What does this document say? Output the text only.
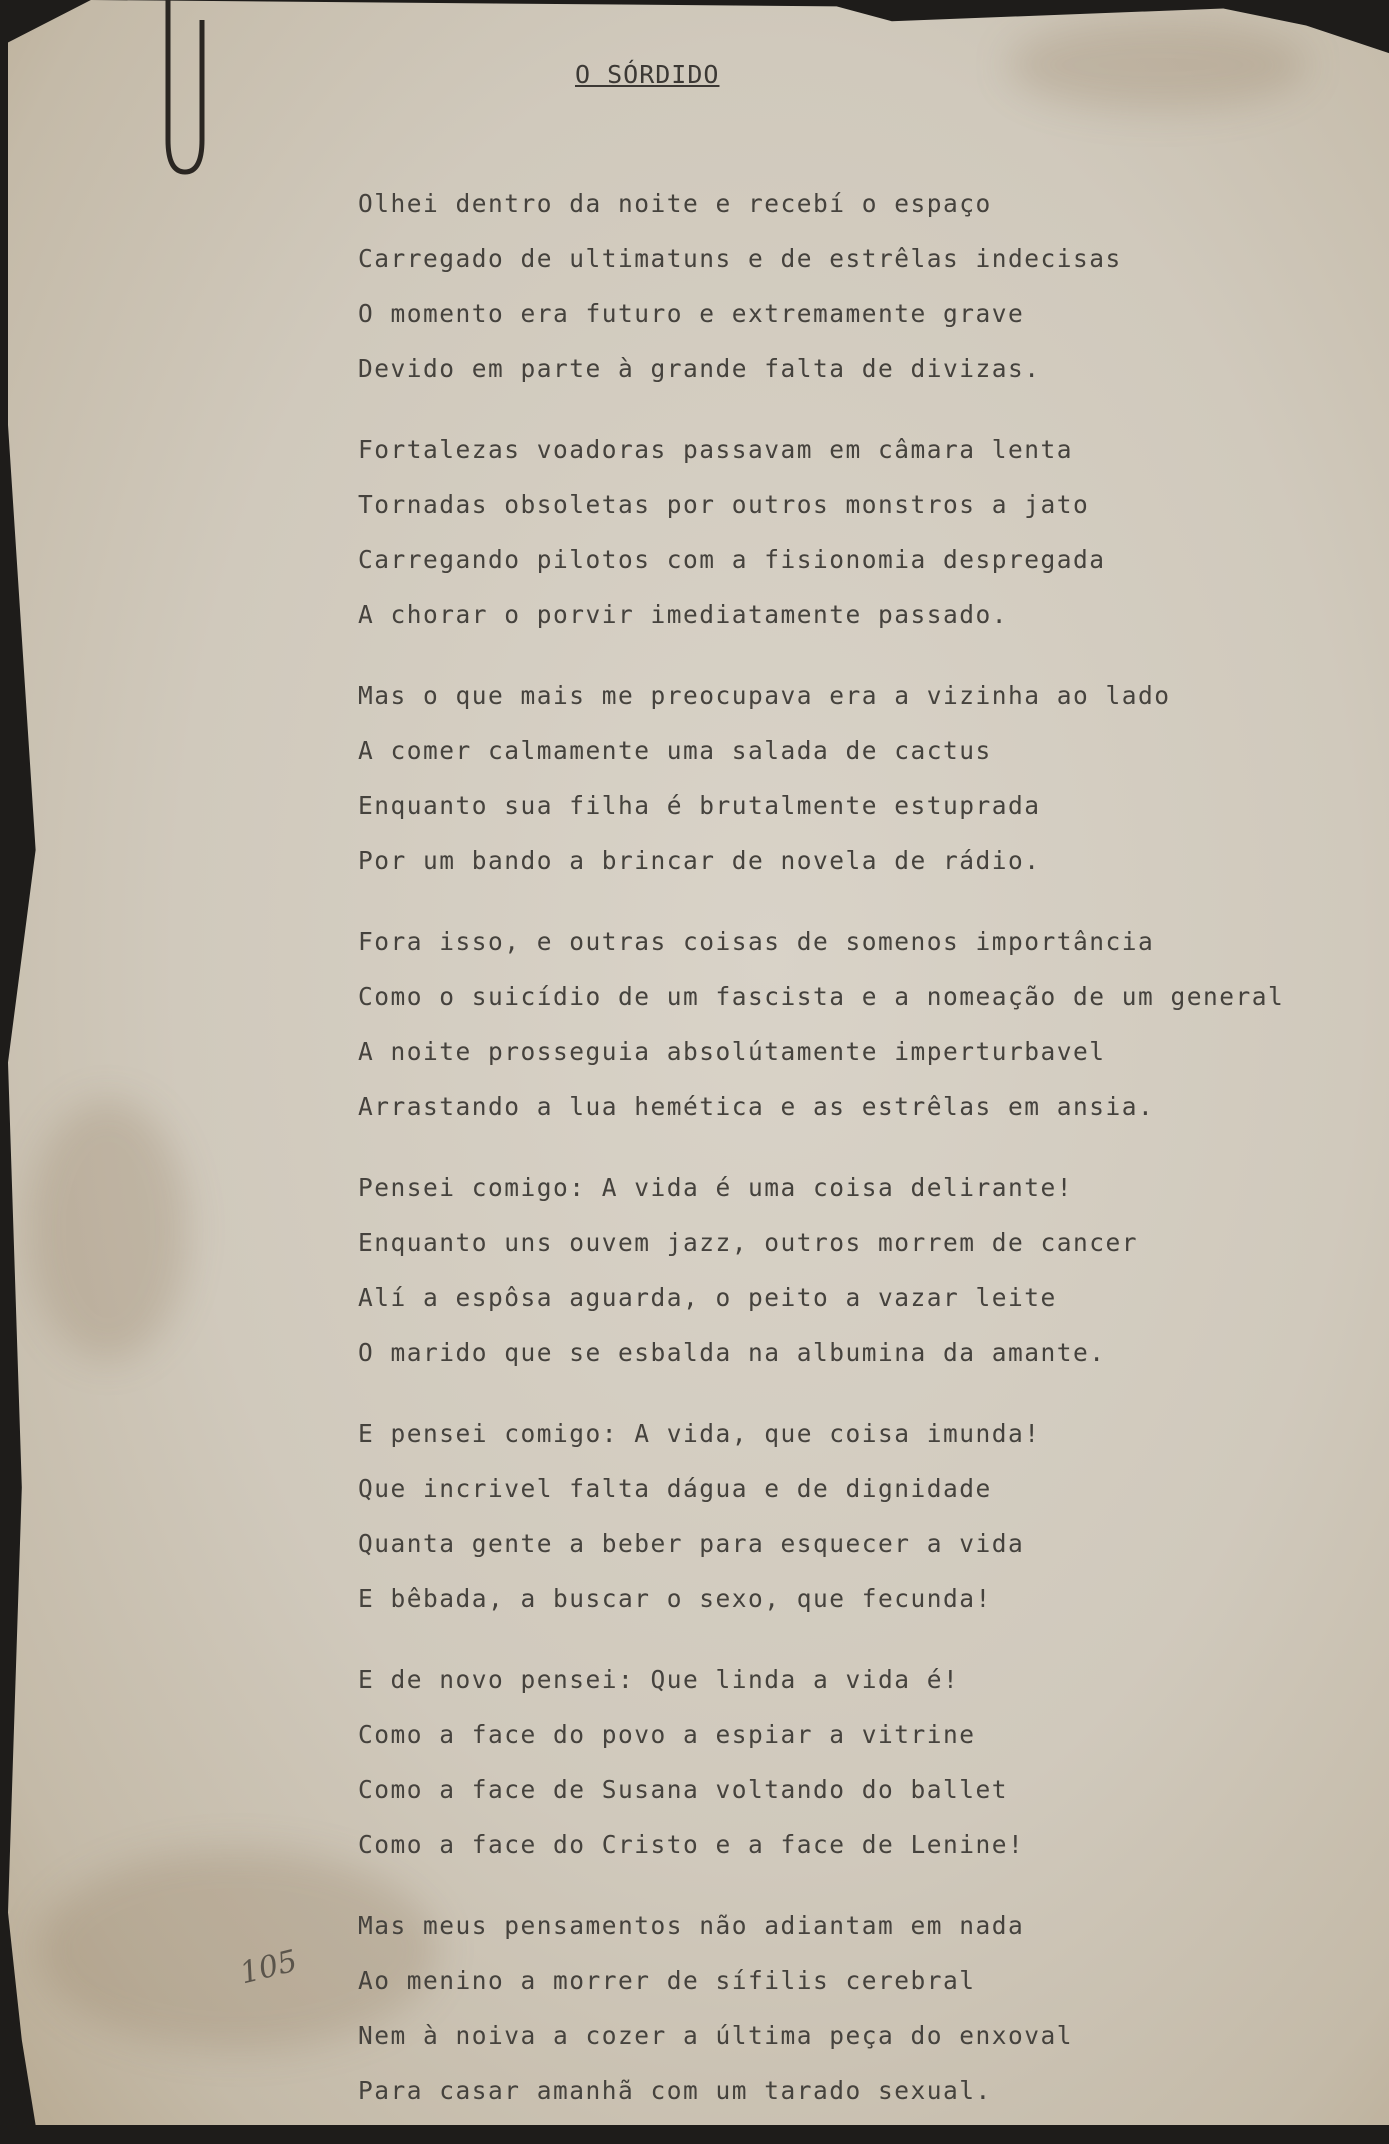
O SÓRDIDO
Olhei dentro da noite e recebí o espaço
Carregado de ultimatuns e de estrêlas indecisas
O momento era futuro e extremamente grave
Devido em parte à grande falta de divizas.
Fortalezas voadoras passavam em câmara lenta
Tornadas obsoletas por outros monstros a jato
Carregando pilotos com a fisionomia despregada
A chorar o porvir imediatamente passado.
Mas o que mais me preocupava era a vizinha ao lado
A comer calmamente uma salada de cactus
Enquanto sua filha é brutalmente estuprada
Por um bando a brincar de novela de rádio.
Fora isso, e outras coisas de somenos importância
Como o suicídio de um fascista e a nomeação de um general
A noite prosseguia absolútamente imperturbavel
Arrastando a lua hemética e as estrêlas em ansia.
Pensei comigo: A vida é uma coisa delirante!
Enquanto uns ouvem jazz, outros morrem de cancer
Alí a espôsa aguarda, o peito a vazar leite
O marido que se esbalda na albumina da amante.
E pensei comigo: A vida, que coisa imunda!
Que incrivel falta dágua e de dignidade
Quanta gente a beber para esquecer a vida
E bêbada, a buscar o sexo, que fecunda!
E de novo pensei: Que linda a vida é!
Como a face do povo a espiar a vitrine
Como a face de Susana voltando do ballet
Como a face do Cristo e a face de Lenine!
Mas meus pensamentos não adiantam em nada
Ao menino a morrer de sífilis cerebral
Nem à noiva a cozer a última peça do enxoval
Para casar amanhã com um tarado sexual.
105
